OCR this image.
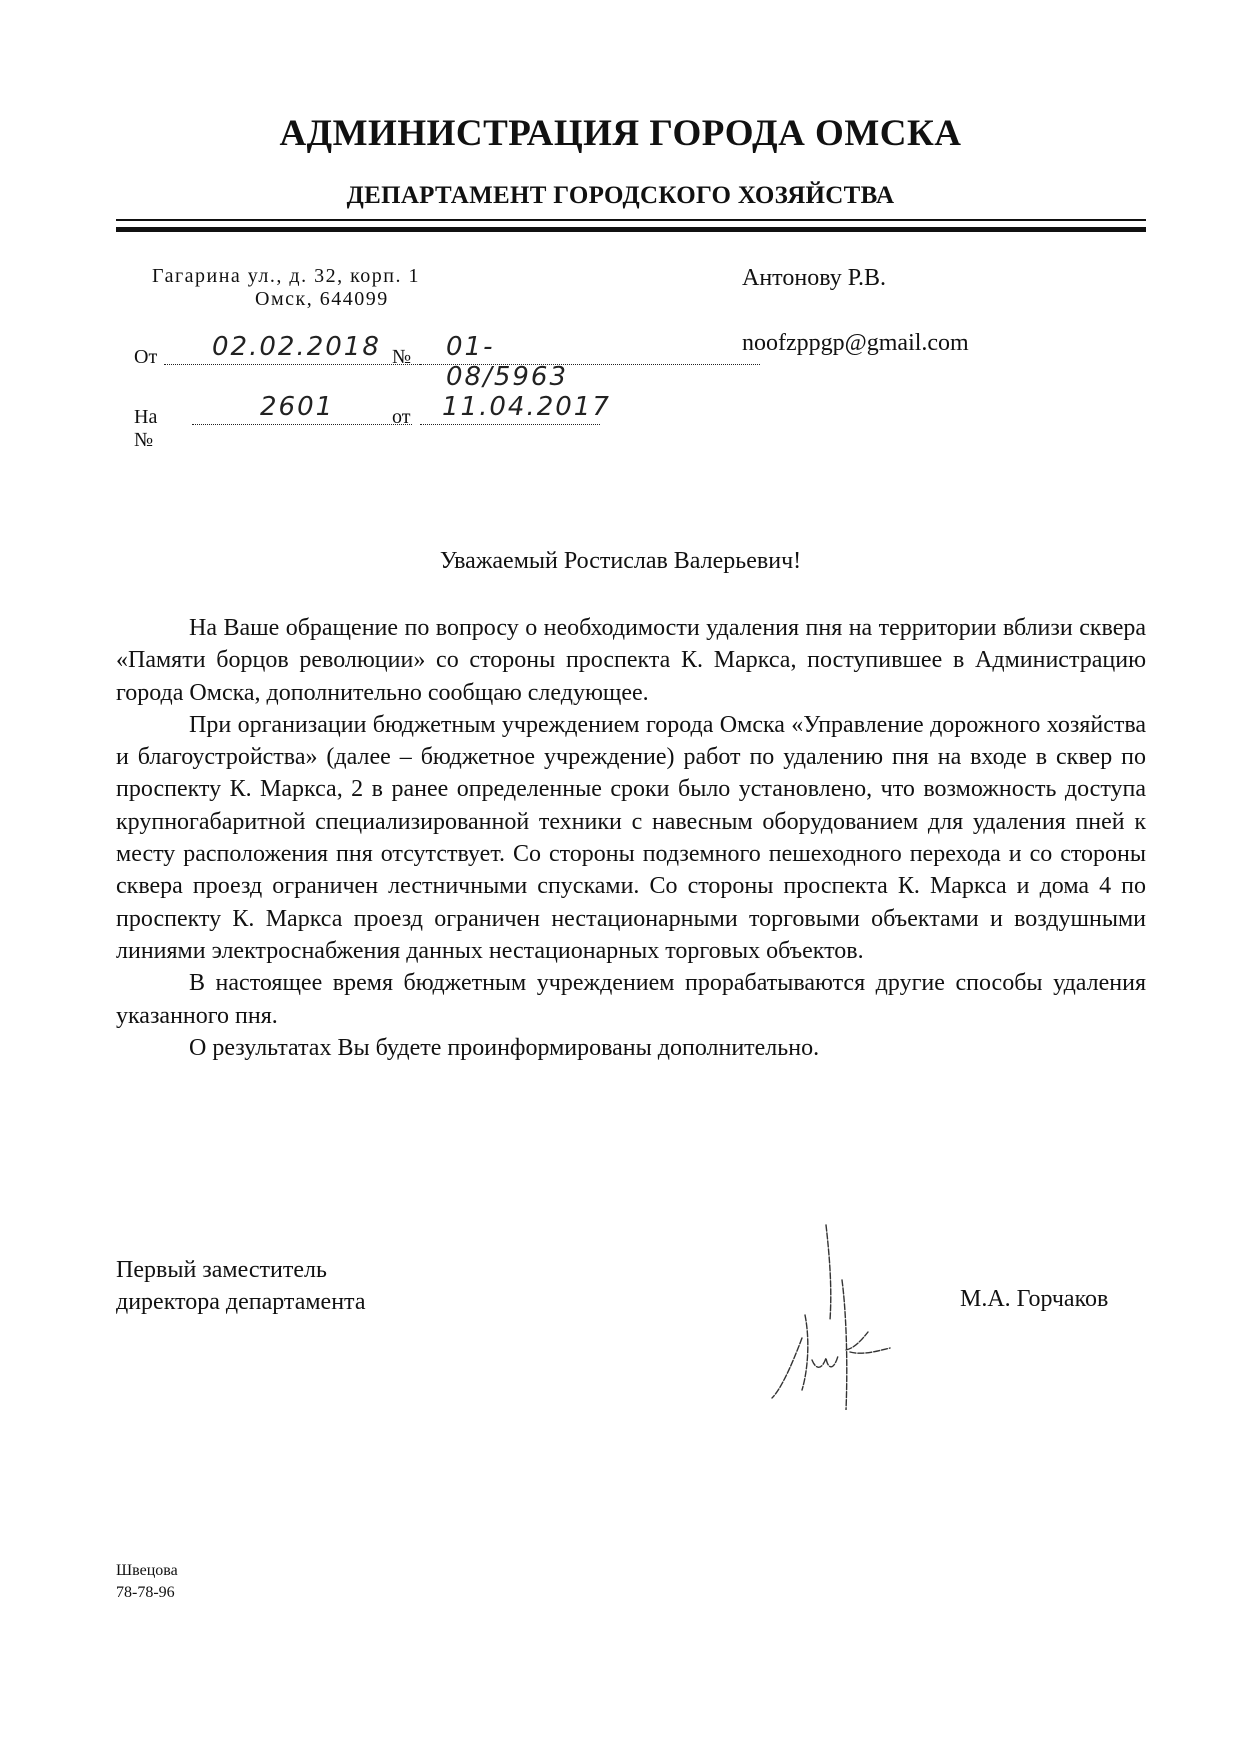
АДМИНИСТРАЦИЯ ГОРОДА ОМСКА
ДЕПАРТАМЕНТ ГОРОДСКОГО ХОЗЯЙСТВА
Гагарина ул., д. 32, корп. 1
Омск, 644099
От 02.02.2018 № 01-08/5963
На №
2601	от 11.04.2017
Антонову Р.В.
noofzppgp@gmail.com
Уважаемый Ростислав Валерьевич!

На Ваше обращение по вопросу о необходимости удаления пня на территории вблизи сквера «Памяти борцов революции» со стороны проспекта К. Маркса, поступившее в Администрацию города Омска, дополнительно сообщаю следующее.

При организации бюджетным учреждением города Омска «Управление дорожного хозяйства и благоустройства» (далее – бюджетное учреждение) работ по удалению пня на входе в сквер по проспекту К. Маркса, 2 в ранее определенные сроки было установлено, что возможность доступа крупногабаритной специализированной техники с навесным оборудованием для удаления пней к месту расположения пня отсутствует. Со стороны подземного пешеходного перехода и со стороны сквера проезд ограничен лестничными спусками. Со стороны проспекта К. Маркса и дома 4 по проспекту К. Маркса проезд ограничен нестационарными торговыми объектами и воздушными линиями электроснабжения данных нестационарных торговых объектов.

В настоящее время бюджетным учреждением прорабатываются другие способы удаления указанного пня.

О результатах Вы будете проинформированы дополнительно.

Первый заместитель
директора департамента	М.А. Горчаков
Швецова
78-78-96
